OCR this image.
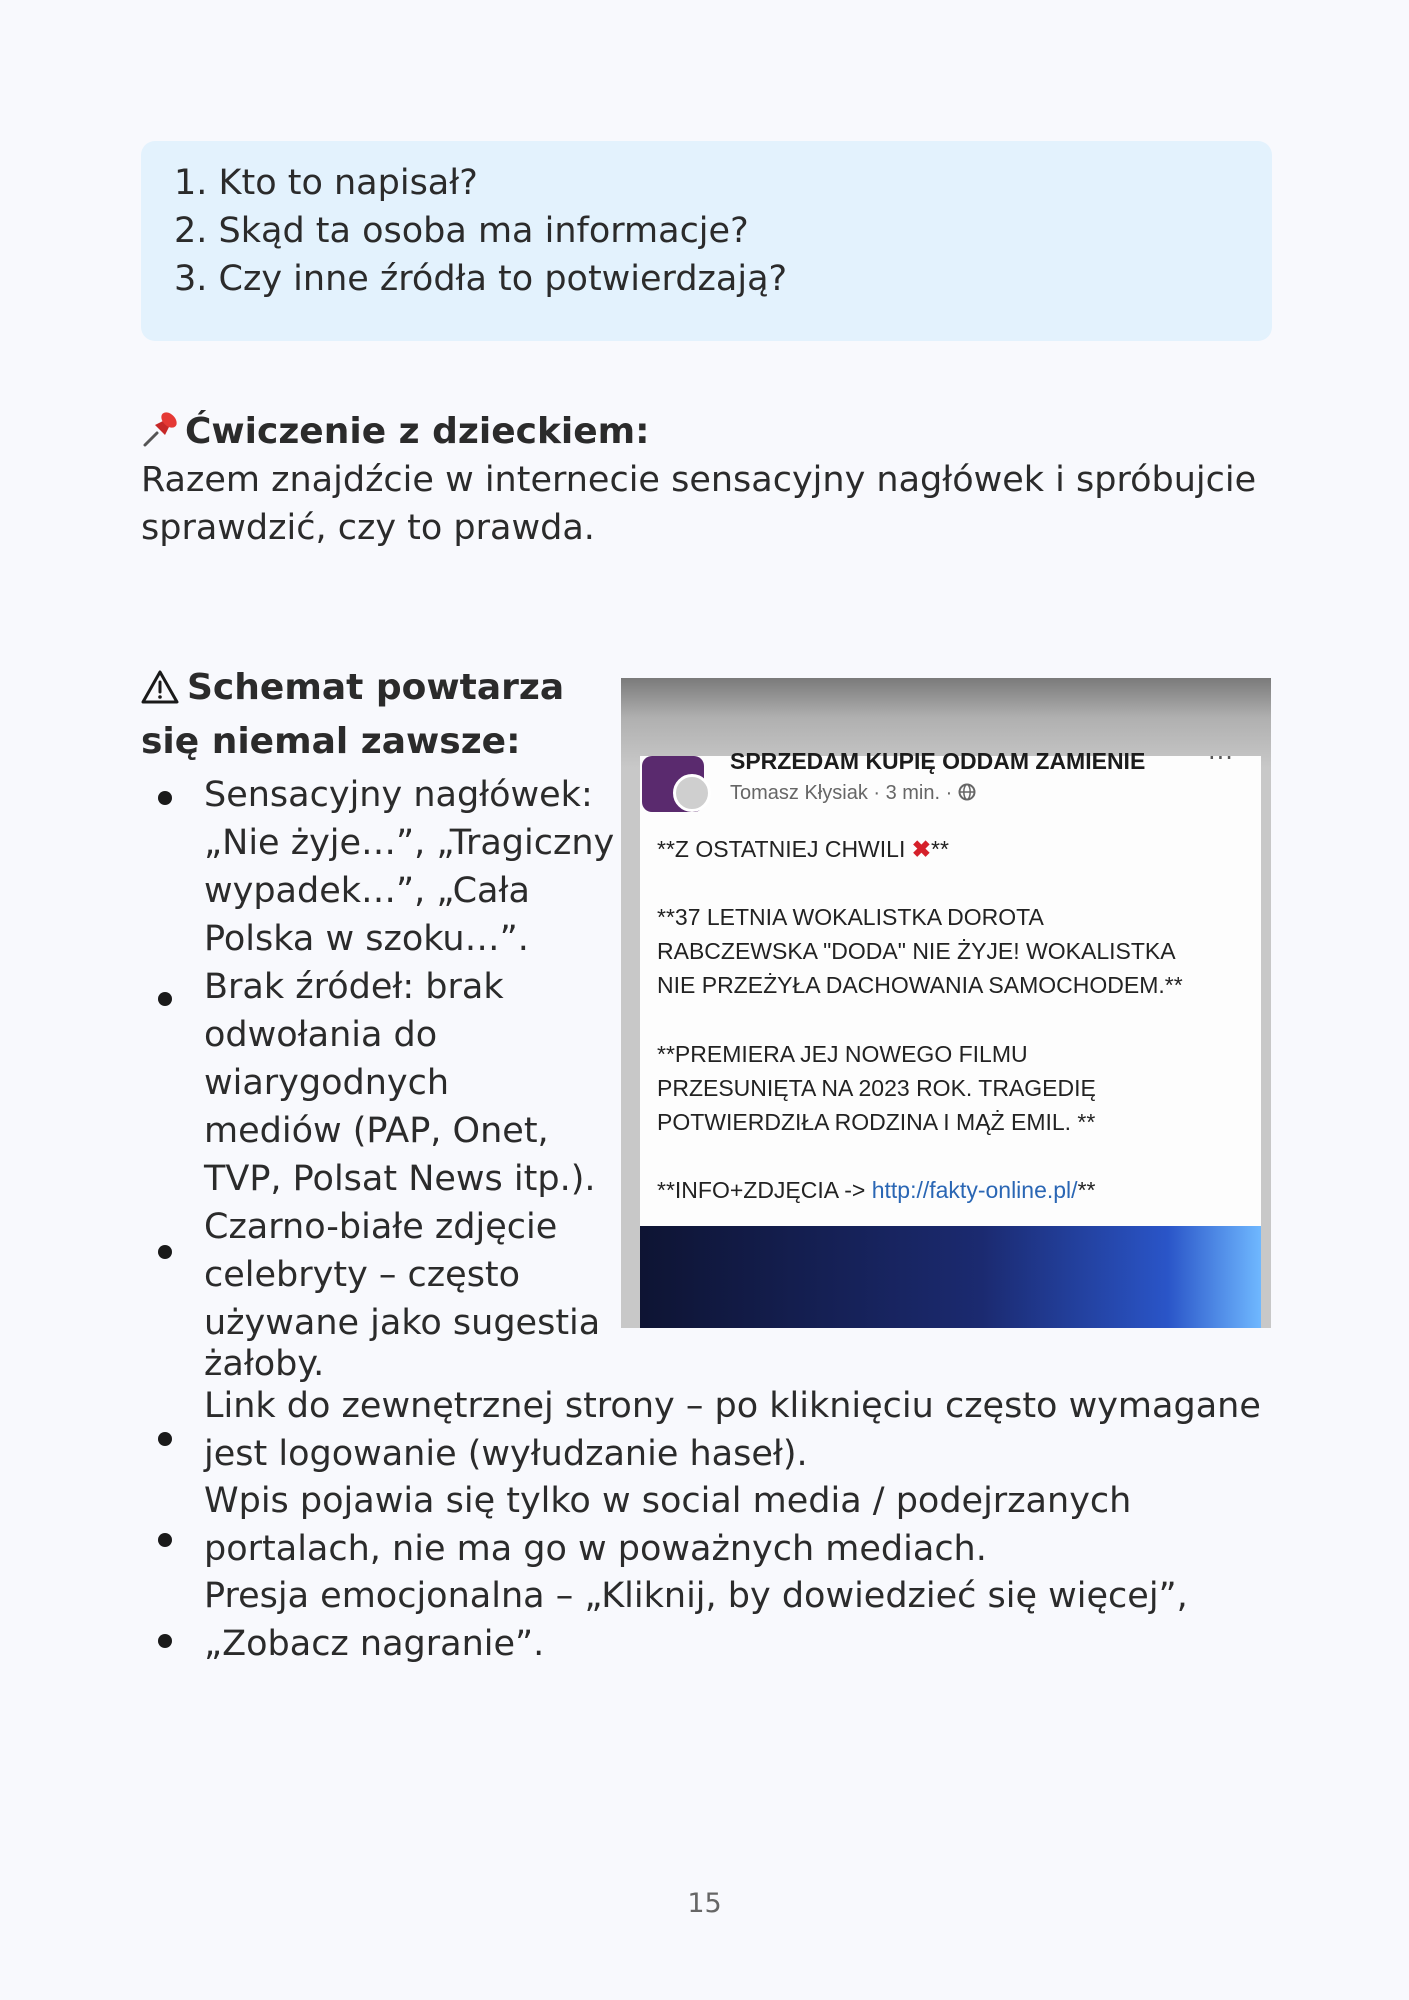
1. Kto to napisał?
2. Skąd ta osoba ma informacje?
3. Czy inne źródła to potwierdzają?
Ćwiczenie z dzieckiem:
Razem znajdźcie w internecie sensacyjny nagłówek i spróbujcie
sprawdzić, czy to prawda.
Schemat powtarza
się niemal zawsze:
Sensacyjny nagłówek:
„Nie żyje…”, „Tragiczny
wypadek…”, „Cała
Polska w szoku…”.
Brak źródeł: brak
odwołania do
wiarygodnych
mediów (PAP, Onet,
TVP, Polsat News itp.).
Czarno-białe zdjęcie
celebryty – często
używane jako sugestia
żałoby.
Link do zewnętrznej strony – po kliknięciu często wymagane
jest logowanie (wyłudzanie haseł).
Wpis pojawia się tylko w social media / podejrzanych
portalach, nie ma go w poważnych mediach.
Presja emocjonalna – „Kliknij, by dowiedzieć się więcej”,
„Zobacz nagranie”.
SPRZEDAM KUPIĘ ODDAM ZAMIENIE	···
Tomasz Kłysiak · 3 min. ·
**Z OSTATNIEJ CHWILI ✖**
**37 LETNIA WOKALISTKA DOROTA
RABCZEWSKA "DODA" NIE ŻYJE! WOKALISTKA
NIE PRZEŻYŁA DACHOWANIA SAMOCHODEM.**
**PREMIERA JEJ NOWEGO FILMU
PRZESUNIĘTA NA 2023 ROK. TRAGEDIĘ
POTWIERDZIŁA RODZINA I MĄŻ EMIL. **
**INFO+ZDJĘCIA -> http://fakty-online.pl/**
15
